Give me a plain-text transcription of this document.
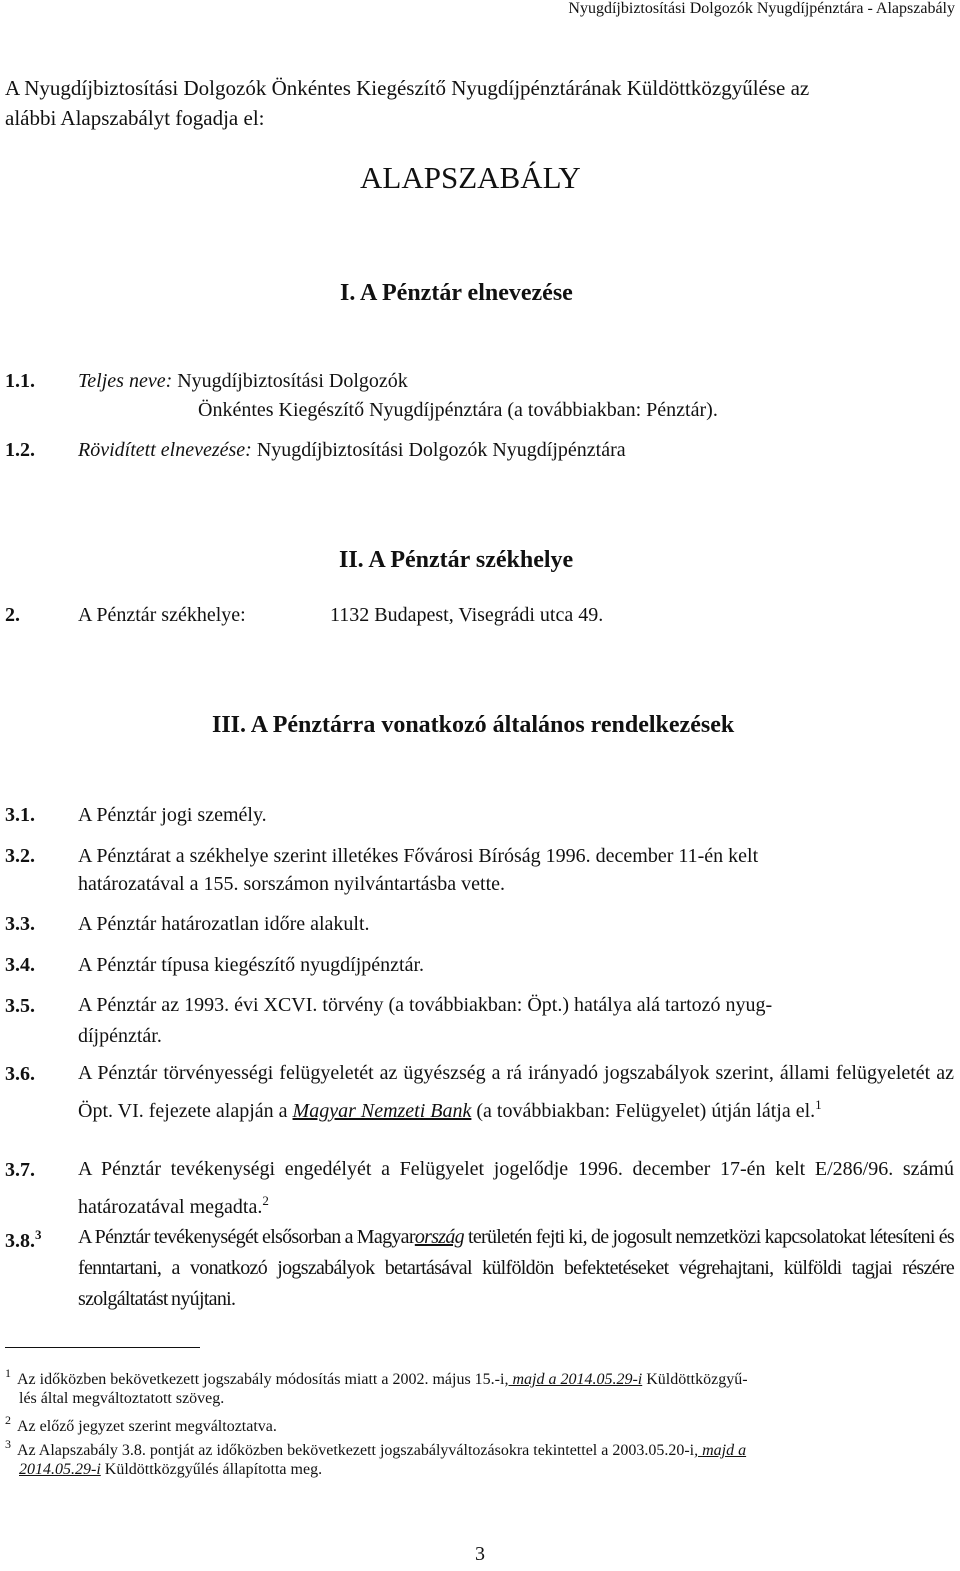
Nyugdíjbiztosítási Dolgozók Nyugdíjpénztára - Alapszabály
A Nyugdíjbiztosítási Dolgozók Önkéntes Kiegészítő Nyugdíjpénztárának Küldöttközgyűlése az
alábbi Alapszabályt fogadja el:
ALAPSZABÁLY
I. A Pénztár elnevezése
1.1. Teljes neve: Nyugdíjbiztosítási Dolgozók
Önkéntes Kiegészítő Nyugdíjpénztára (a továbbiakban: Pénztár).
1.2. Rövidített elnevezése: Nyugdíjbiztosítási Dolgozók Nyugdíjpénztára
II. A Pénztár székhelye
2.	A Pénztár székhelye:	1132 Budapest, Visegrádi utca 49.
III. A Pénztárra vonatkozó általános rendelkezések
3.1. A Pénztár jogi személy.
3.2. A Pénztárat a székhelye szerint illetékes Fővárosi Bíróság 1996. december 11-én kelt
határozatával a 155. sorszámon nyilvántartásba vette.
3.3. A Pénztár határozatlan időre alakult.
3.4. A Pénztár típusa kiegészítő nyugdíjpénztár.
3.5. A Pénztár az 1993. évi XCVI. törvény (a továbbiakban: Öpt.) hatálya alá tartozó nyug-
díjpénztár.
3.6. A Pénztár törvényességi felügyeletét az ügyészség a rá irányadó jogszabályok szerint, állami felügyeletét az Öpt. VI. fejezete alapján a Magyar Nemzeti Bank (a továbbiakban: Felügyelet) útján látja el.$^1$
3.7. A Pénztár tevékenységi engedélyét a Felügyelet jogelődje 1996. december 17-én kelt E/286/96. számú határozatával megadta.$^2$
3.8.$^3$ A Pénztár tevékenységét elsősorban a Magyarország területén fejti ki, de jogosult nemzetközi kapcsolatokat létesíteni és fenntartani, a vonatkozó jogszabályok betartásával külföldön befektetéseket végrehajtani, külföldi tagjai részére szolgáltatást nyújtani.
$^1$ Az időközben bekövetkezett jogszabály módosítás miatt a 2002. május 15.-i, majd a 2014.05.29-i Küldöttközgyű-
lés által megváltoztatott szöveg.
$^2$ Az előző jegyzet szerint megváltoztatva.
$^3$ Az Alapszabály 3.8. pontját az időközben bekövetkezett jogszabályváltozásokra tekintettel a 2003.05.20-i, majd a
2014.05.29-i Küldöttközgyűlés állapította meg.
3
